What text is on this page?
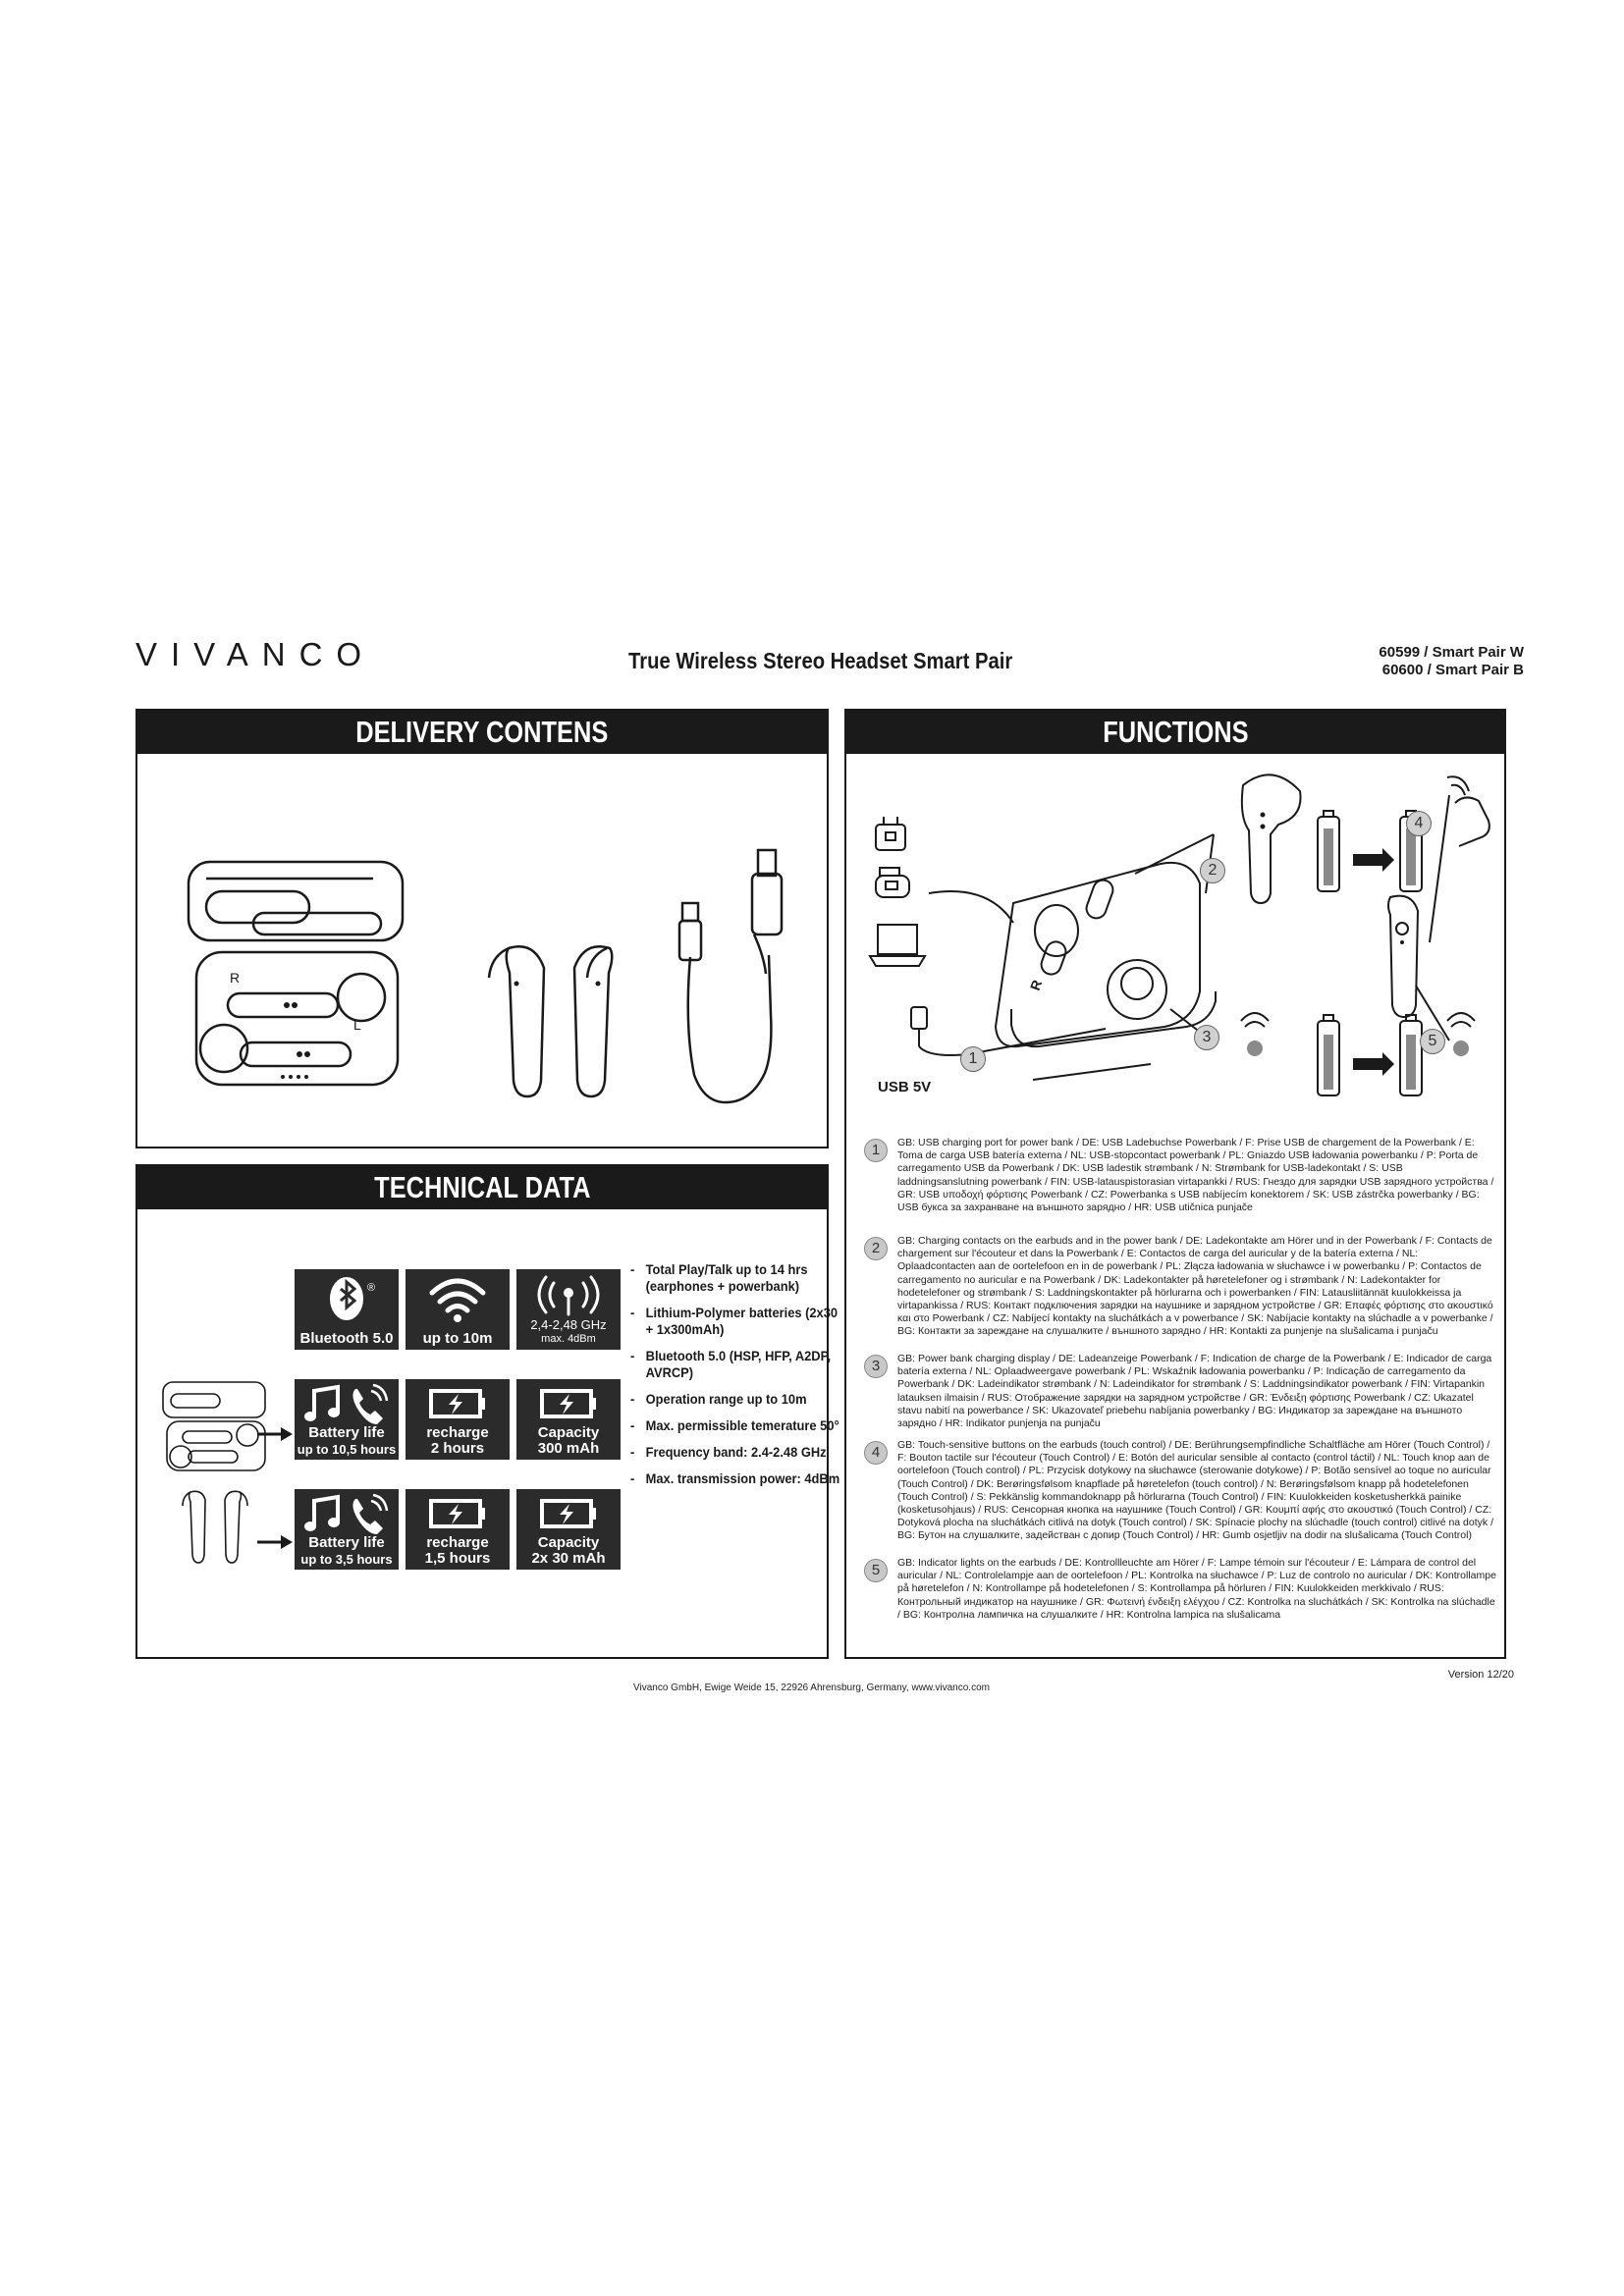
VIVANCO	True Wireless Stereo Headset Smart Pair	60599 / Smart Pair W
60600 / Smart Pair B
DELIVERY CONTENS
R
L
TECHNICAL DATA
®
Bluetooth 5.0	up to 10m
2,4-2,48 GHz
max. 4dBm
Battery life
up to 10,5 hours
recharge
2 hours
Capacity
300 mAh
Battery life
up to 3,5 hours
recharge
1,5 hours
Capacity
2x 30 mAh
- Total Play/Talk up to 14 hrs (earphones + powerbank)
- Lithium-Polymer batteries (2x30 + 1x300mAh)
- Bluetooth 5.0 (HSP, HFP, A2DP, AVRCP)
- Operation range up to 10m
- Max. permissible temerature 50°
- Frequency band: 2.4-2.48 GHz
- Max. transmission power: 4dBm
FUNCTIONS
R
1
2
3
4
5
USB 5V
1	GB: USB charging port for power bank / DE: USB Ladebuchse Powerbank / F: Prise USB de chargement de la Powerbank / E: Toma de carga USB batería externa / NL: USB-stopcontact powerbank / PL: Gniazdo USB ładowania powerbanku / P: Porta de carregamento USB da Powerbank / DK: USB ladestik strømbank / N: Strømbank for USB-ladekontakt / S: USB laddningsanslutning powerbank / FIN: USB-latauspistorasian virtapankki / RUS: Гнездо для зарядки USB зарядного устройства / GR: USB υποδοχή φόρτισης Powerbank / CZ: Powerbanka s USB nabíjecím konektorem / SK: USB zástrčka powerbanky / BG: USB букса за захранване на външното зарядно / HR: USB utičnica punjače
2	GB: Charging contacts on the earbuds and in the power bank / DE: Ladekontakte am Hörer und in der Powerbank / F: Contacts de chargement sur l'écouteur et dans la Powerbank / E: Contactos de carga del auricular y de la batería externa / NL: Oplaadcontacten aan de oortelefoon en in de powerbank / PL: Złącza ładowania w słuchawce i w powerbanku / P: Contactos de carregamento no auricular e na Powerbank / DK: Ladekontakter på høretelefoner og i strømbank / N: Ladekontakter for hodetelefoner og strømbank / S: Laddningskontakter på hörlurarna och i powerbanken / FIN: Latausliitännät kuulokkeissa ja virtapankissa / RUS: Контакт подключения зарядки на наушнике и зарядном устройстве / GR: Επαφές φόρτισης στο ακουστικό και στο Powerbank / CZ: Nabíjecí kontakty na sluchátkách a v powerbance / SK: Nabíjacie kontakty na slúchadle a v powerbanke / BG: Контакти за зареждане на слушалките / външното зарядно / HR: Kontakti za punjenje na slušalicama i punjaču
3	GB: Power bank charging display / DE: Ladeanzeige Powerbank / F: Indication de charge de la Powerbank / E: Indicador de carga batería externa / NL: Oplaadweergave powerbank / PL: Wskaźnik ładowania powerbanku / P: Indicação de carregamento da Powerbank / DK: Ladeindikator strømbank / N: Ladeindikator for strømbank / S: Laddningsindikator powerbank / FIN: Virtapankin latauksen ilmaisin / RUS: Отображение зарядки на зарядном устройстве / GR: Ένδειξη φόρτισης Powerbank / CZ: Ukazatel stavu nabití na powerbance / SK: Ukazovateľ priebehu nabíjania powerbanky / BG: Индикатор за зареждане на външното зарядно / HR: Indikator punjenja na punjaču
4	GB: Touch-sensitive buttons on the earbuds (touch control) / DE: Berührungsempfindliche Schaltfläche am Hörer (Touch Control) / F: Bouton tactile sur l'écouteur (Touch Control) / E: Botón del auricular sensible al contacto (control táctil) / NL: Touch knop aan de oortelefoon (Touch control) / PL: Przycisk dotykowy na słuchawce (sterowanie dotykowe) / P: Botão sensível ao toque no auricular (Touch Control) / DK: Berøringsfølsom knapflade på høretelefon (touch control) / N: Berøringsfølsom knapp på hodetelefonen (Touch Control) / S: Pekkänslig kommandoknapp på hörlurarna (Touch Control) / FIN: Kuulokkeiden kosketusherkkä painike (kosketusohjaus) / RUS: Сенсорная кнопка на наушнике (Touch Control) / GR: Κουμπί αφής στο ακουστικό (Touch Control) / CZ: Dotyková plocha na sluchátkách citlivá na dotyk (Touch control) / SK: Spínacie plochy na slúchadle (touch control) citlivé na dotyk / BG: Бутон на слушалките, задействан с допир (Touch Control) / HR: Gumb osjetljiv na dodir na slušalicama (Touch Control)
5	GB: Indicator lights on the earbuds / DE: Kontrollleuchte am Hörer / F: Lampe témoin sur l'écouteur / E: Lámpara de control del auricular / NL: Controlelampje aan de oortelefoon / PL: Kontrolka na słuchawce / P: Luz de controlo no auricular / DK: Kontrollampe på høretelefon / N: Kontrollampe på hodetelefonen / S: Kontrollampa på hörluren / FIN: Kuulokkeiden merkkivalo / RUS: Контрольный индикатор на наушнике / GR: Φωτεινή ένδειξη ελέγχου / CZ: Kontrolka na sluchátkách / SK: Kontrolka na slúchadle / BG: Контролна лампичка на слушалките / HR: Kontrolna lampica na slušalicama
Vivanco GmbH, Ewige Weide 15, 22926 Ahrensburg, Germany, www.vivanco.com
Version 12/20
